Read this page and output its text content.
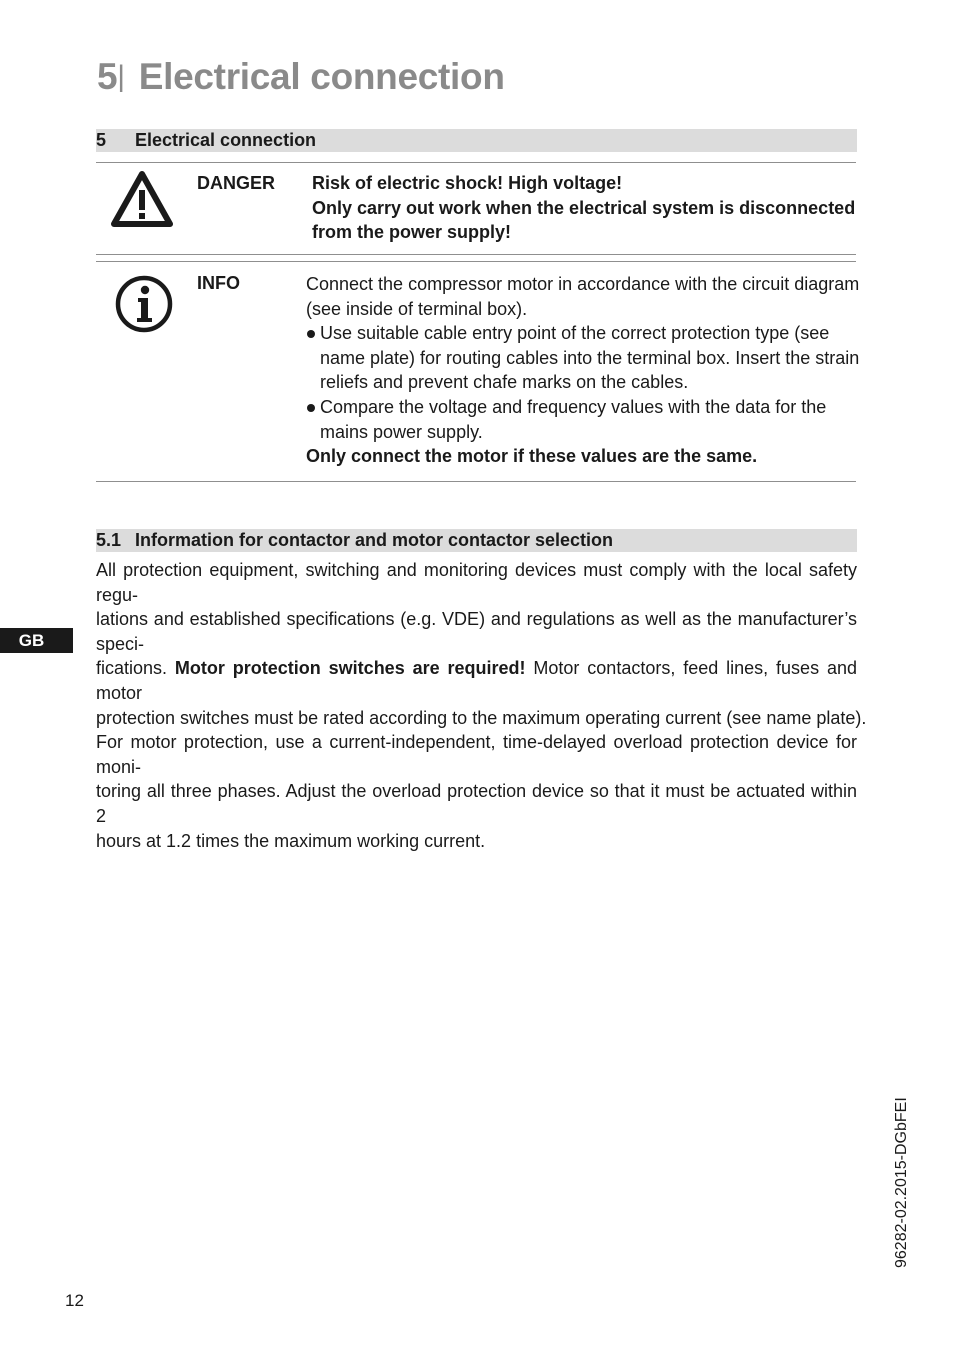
5| Electrical connection
5 Electrical connection
DANGER Risk of electric shock! High voltage!
Only carry out work when the electrical system is disconnected
from the power supply!
INFO	Connect the compressor motor in accordance with the circuit diagram
(see inside of terminal box).
Use suitable cable entry point of the correct protection type (see
name plate) for routing cables into the terminal box. Insert the strain
reliefs and prevent chafe marks on the cables.
Compare the voltage and frequency values with the data for the
mains power supply.
Only connect the motor if these values are the same.
5.1 Information for contactor and motor contactor selection
All protection equipment, switching and monitoring devices must comply with the local safety regu-
lations and established specifications (e.g. VDE) and regulations as well as the manufacturer’s speci-
fications. Motor protection switches are required! Motor contactors, feed lines, fuses and motor
protection switches must be rated according to the maximum operating current (see name plate).
For motor protection, use a current-independent, time-delayed overload protection device for moni-
toring all three phases. Adjust the overload protection device so that it must be actuated within 2
hours at 1.2 times the maximum working current.
GB
96282-02.2015-DGbFEI
12
